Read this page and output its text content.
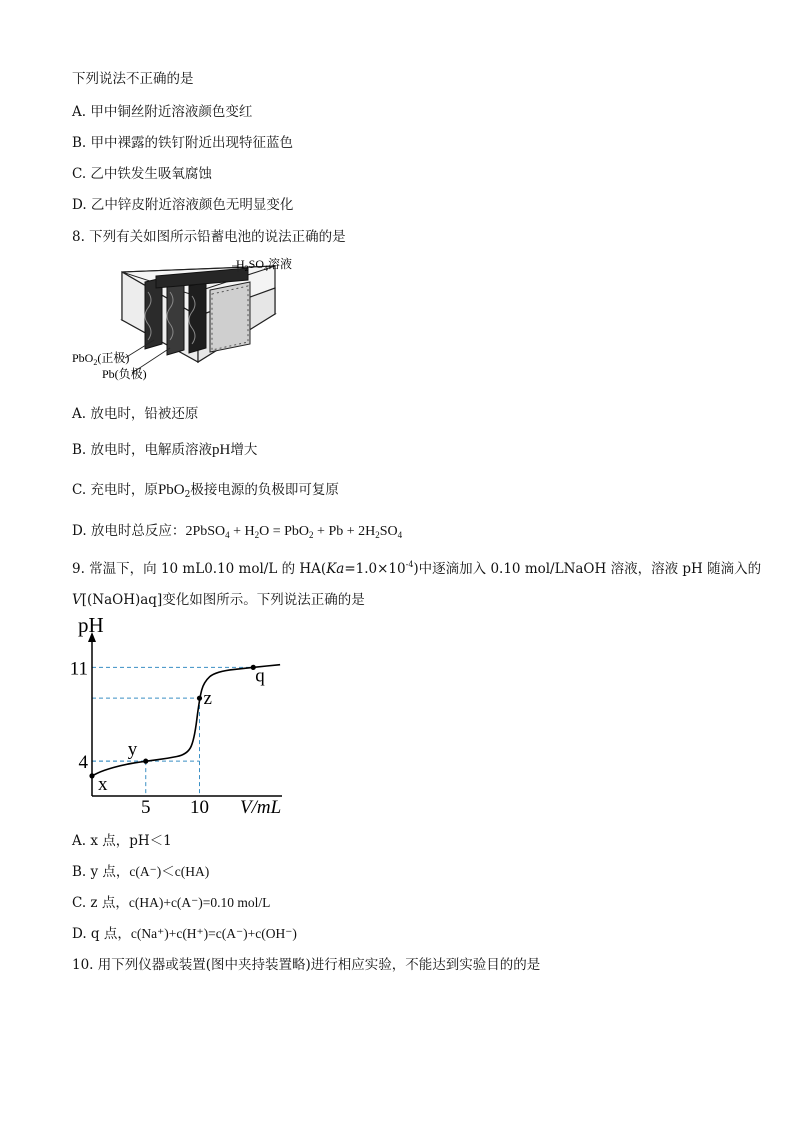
下列说法不正确的是
A. 甲中铜丝附近溶液颜色变红
B. 甲中裸露的铁钉附近出现特征蓝色
C. 乙中铁发生吸氧腐蚀
D. 乙中锌皮附近溶液颜色无明显变化
8. 下列有关如图所示铅蓄电池的说法正确的是
$H_2SO_4$溶液
PbO$_2$(正极)
Pb(负极)
A. 放电时，铅被还原
B. 放电时，电解质溶液pH增大
C. 充电时，原PbO$_2$极接电源的负极即可复原
D. 放电时总反应：2PbSO$_4$ + $H_2O = PbO_2 + Pb + 2H_2SO_4$
9. 常温下，向 10 mL0.10 mol/L 的 $HA(Ka=1.0\times 10^{-4})$中逐滴加入 0.10 mol/LNaOH 溶液，溶液 pH 随滴入的
V[(NaOH)aq]变化如图所示。下列说法正确的是
x
y
z
q
5 10
4
11
pH
V/mL
A. x 点，pH＜1
B. y 点，c(A⁻)＜c(HA)
C. z 点，c(HA)+c(A⁻)=0.10 mol/L
D. q 点，c(Na⁺)+c(H⁺)=c(A⁻)+c(OH⁻)
10. 用下列仪器或装置(图中夹持装置略)进行相应实验，不能达到实验目的的是
